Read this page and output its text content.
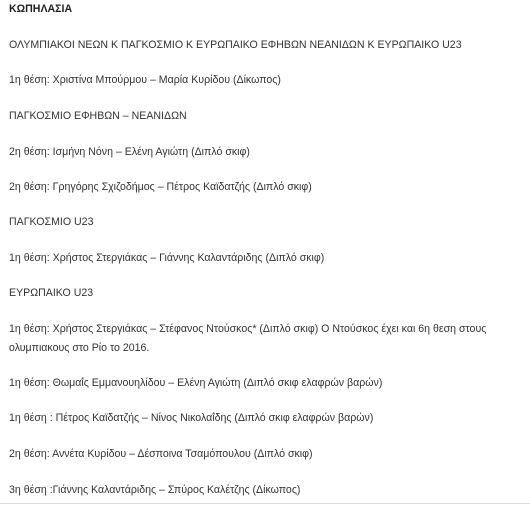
ΚΩΠΗΛΑΣΙΑ
ΟΛΥΜΠΙΑΚΟΙ ΝΕΩΝ Κ ΠΑΓΚΟΣΜΙΟ Κ ΕΥΡΩΠΑΙΚΟ ΕΦΗΒΩΝ ΝΕΑΝΙΔΩΝ Κ ΕΥΡΩΠΑΙΚΟ U23
1η θέση: Χριστίνα Μπούρμου – Μαρία Κυρίδου (Δίκωπος)
ΠΑΓΚΟΣΜΙΟ ΕΦΗΒΩΝ – ΝΕΑΝΙΔΩΝ
2η θέση: Ισμήνη Νόνη – Ελένη Αγιώτη (Διπλό σκιφ)
2η θέση: Γρηγόρης Σχιζοδήμος – Πέτρος Καϊδατζής (Διπλό σκιφ)
ΠΑΓΚΟΣΜΙΟ U23
1η θέση: Χρήστος Στεργιάκας – Γιάννης Καλαντάριδης (Διπλό σκιφ)
ΕΥΡΩΠΑΙΚΟ U23
1η θέση: Χρήστος Στεργιάκας – Στέφανος Ντούσκος* (Διπλό σκιφ) Ο Ντούσκος έχει και 6η θεση στους ολυμπιακους στο Ρίο το 2016.
1η θέση: Θωμαΐς Εμμανουηλίδου – Ελένη Αγιώτη (Διπλό σκιφ ελαφρών βαρών)
1η θέση : Πέτρος Καϊδατζής – Νίνος Νικολαΐδης (Διπλό σκιφ ελαφρών βαρών)
2η θέση: Αννέτα Κυρίδου – Δέσποινα Τσαμόπουλου (Διπλό σκιφ)
3η θέση :Γιάννης Καλαντάριδης – Σπύρος Καλέτζης (Δίκωπος)
